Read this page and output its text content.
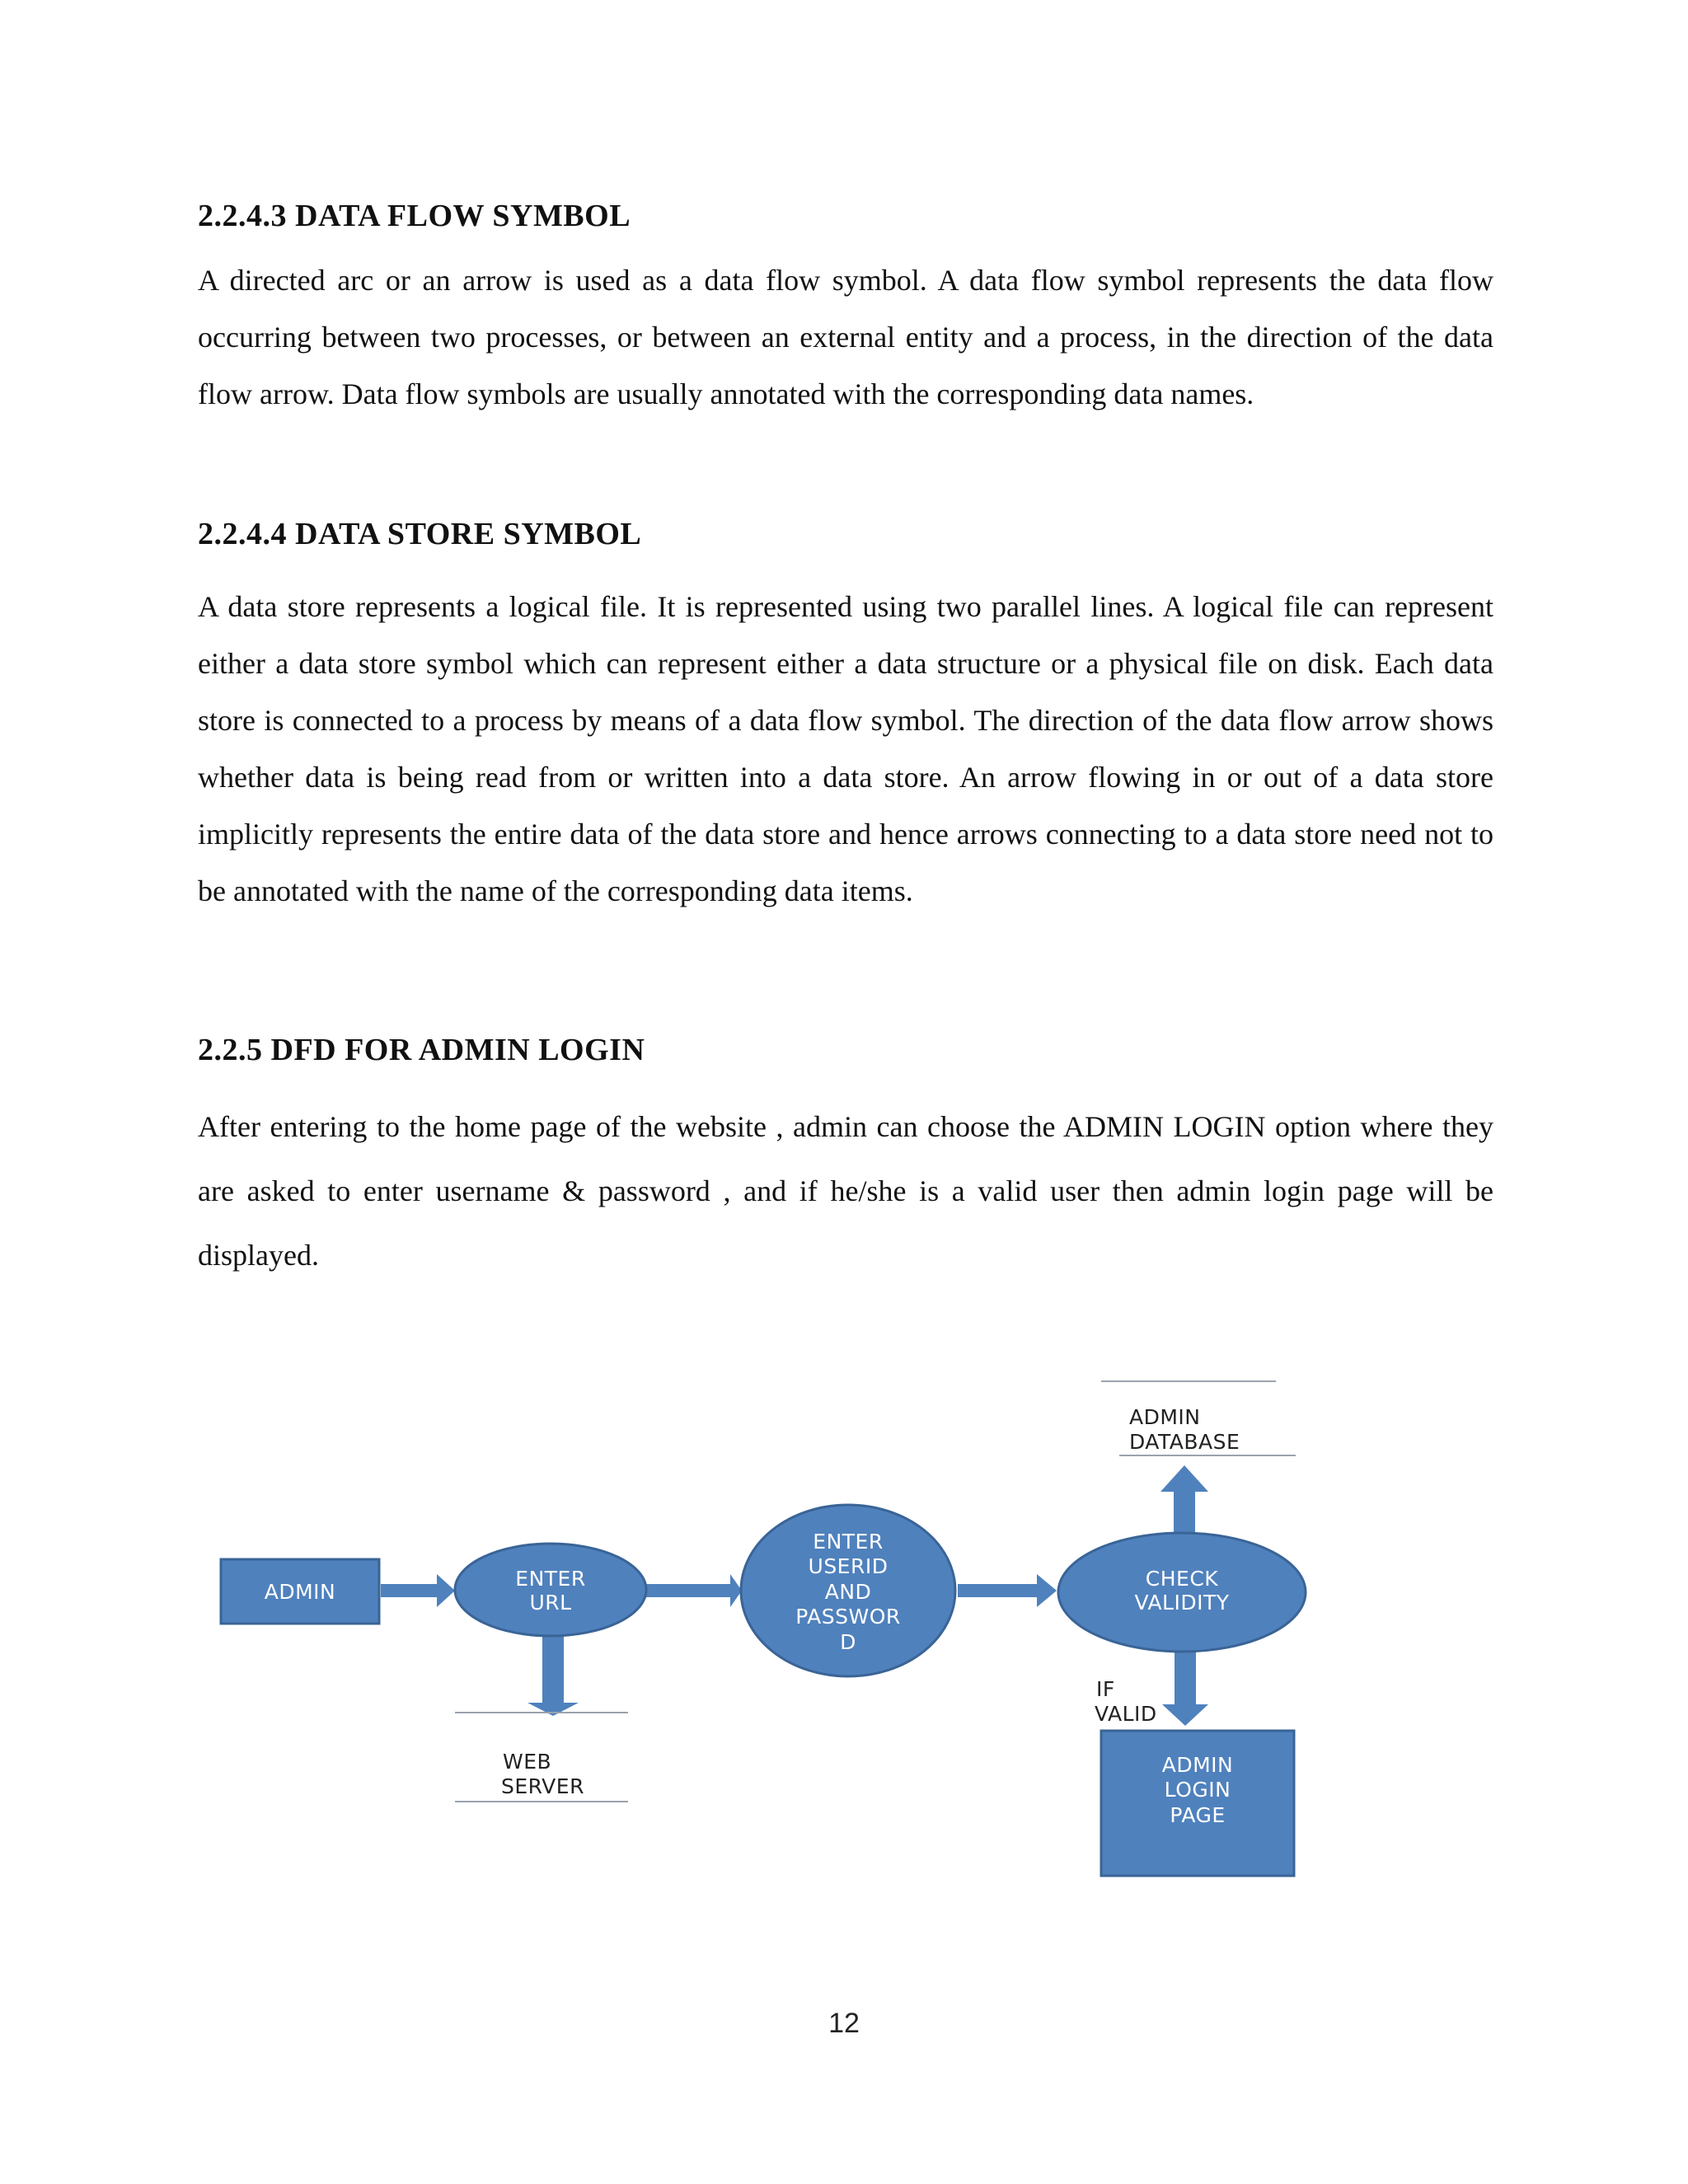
2.2.4.3 DATA FLOW SYMBOL

A directed arc or an arrow is used as a data flow symbol. A data flow symbol represents the data flow occurring between two processes, or between an external entity and a process, in the direction of the data flow arrow. Data flow symbols are usually annotated with the corresponding data names.

2.2.4.4 DATA STORE SYMBOL

A data store represents a logical file. It is represented using two parallel lines. A logical file can represent either a data store symbol which can represent either a data structure or a physical file on disk. Each data store is connected to a process by means of a data flow symbol. The direction of the data flow arrow shows whether data is being read from or written into a data store. An arrow flowing in or out of a data store implicitly represents the entire data of the data store and hence arrows connecting to a data store need not to be annotated with the name of the corresponding data items.

2.2.5 DFD FOR ADMIN LOGIN

After entering to the home page of the website , admin can choose the ADMIN LOGIN option where they are asked to enter username & password , and if he/she is a valid user then admin login page will be displayed.

ADMIN
ENTER
URL
ENTER
USERID
AND
PASSWOR
D
CHECK
VALIDITY
ADMIN
DATABASE
WEB
SERVER
IF
VALID
ADMIN
LOGIN
PAGE
12
